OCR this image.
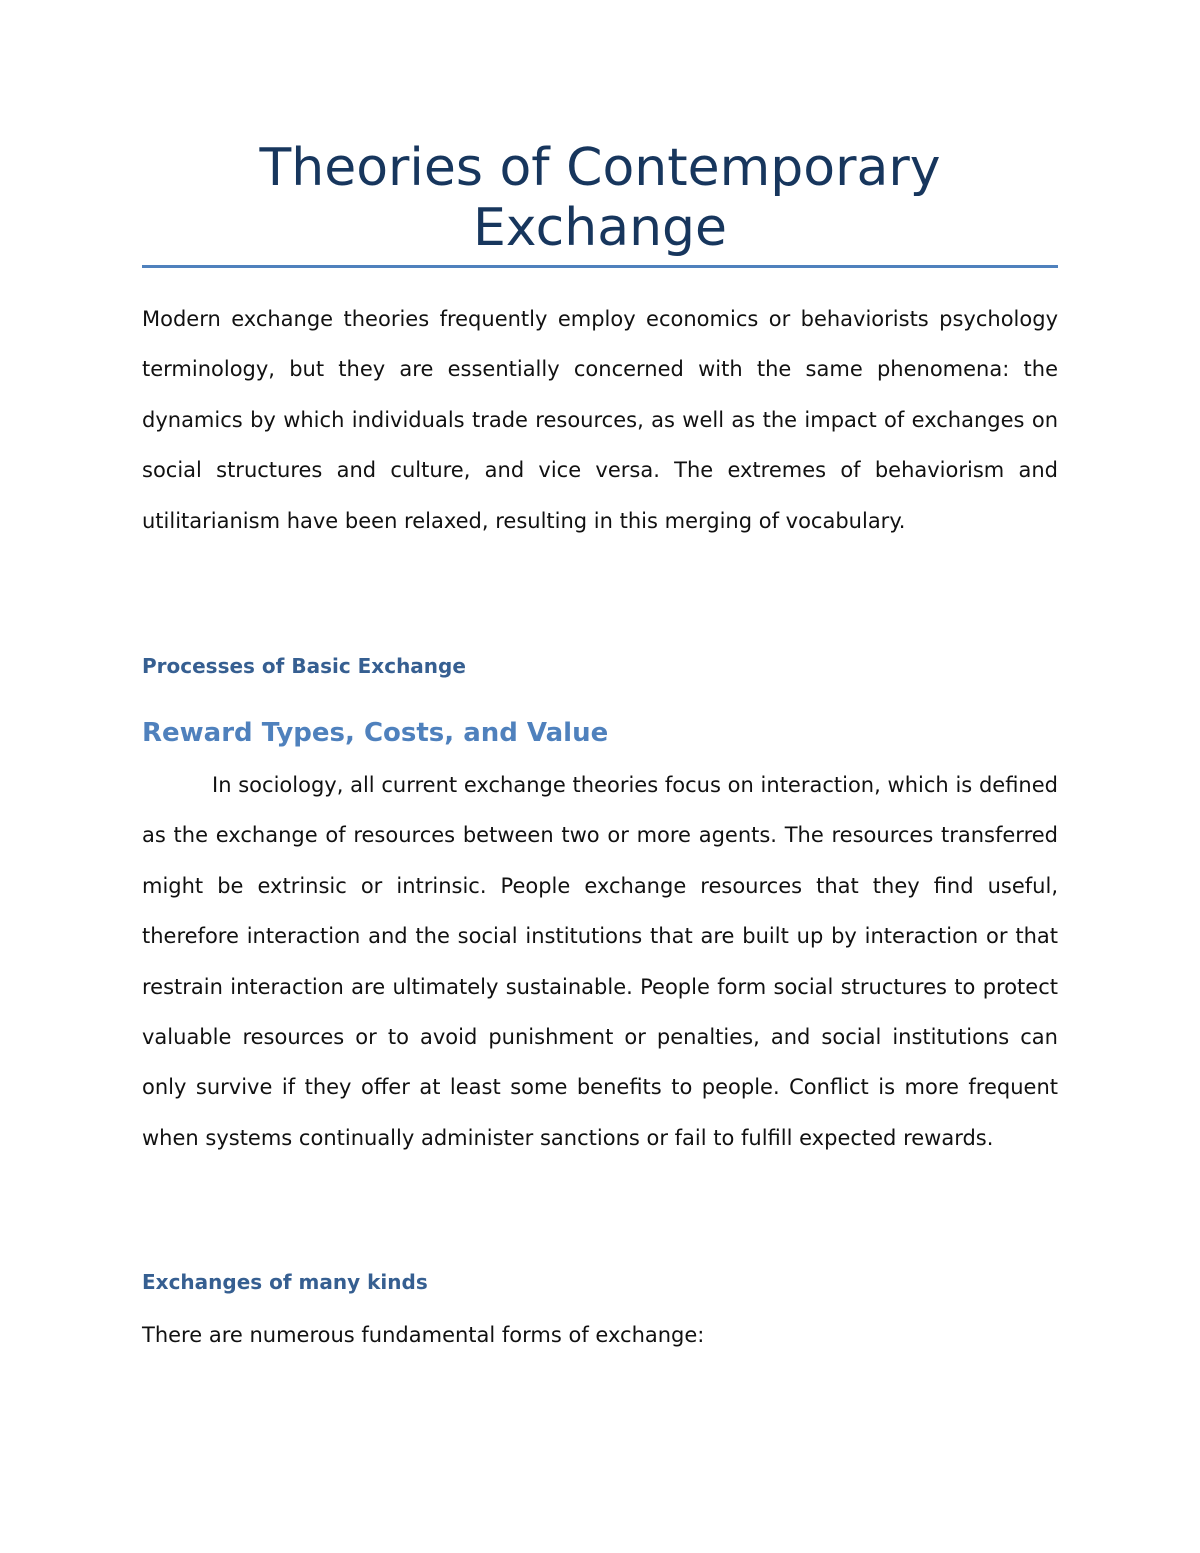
Theories of Contemporary Exchange

Modern exchange theories frequently employ economics or behaviorists psychology terminology, but they are essentially concerned with the same phenomena: the dynamics by which individuals trade resources, as well as the impact of exchanges on social structures and culture, and vice versa. The extremes of behaviorism and utilitarianism have been relaxed, resulting in this merging of vocabulary.

Processes of Basic Exchange
Reward Types, Costs, and Value

In sociology, all current exchange theories focus on interaction, which is defined as the exchange of resources between two or more agents. The resources transferred might be extrinsic or intrinsic. People exchange resources that they find useful, therefore interaction and the social institutions that are built up by interaction or that restrain interaction are ultimately sustainable. People form social structures to protect valuable resources or to avoid punishment or penalties, and social institutions can only survive if they offer at least some benefits to people. Conflict is more frequent when systems continually administer sanctions or fail to fulfill expected rewards.

Exchanges of many kinds

There are numerous fundamental forms of exchange:
